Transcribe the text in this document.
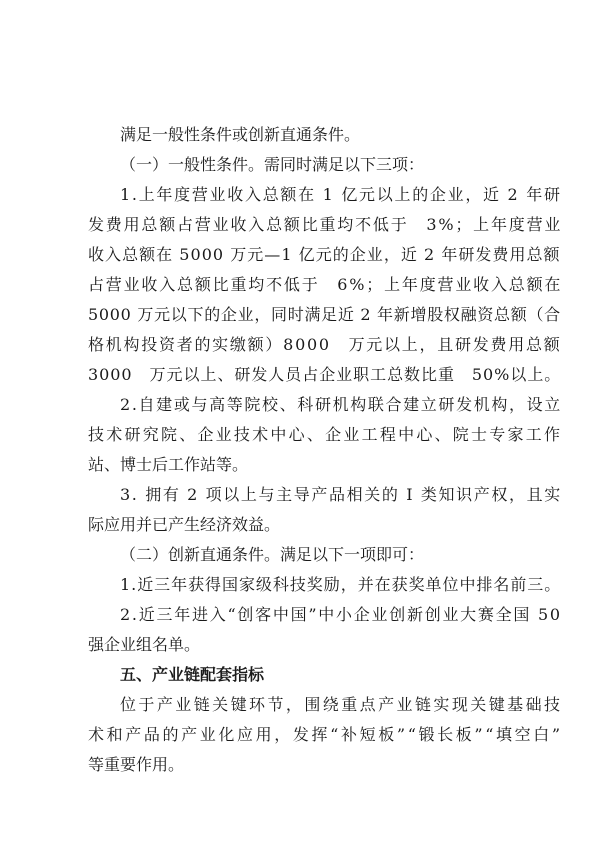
满足一般性条件或创新直通条件。
（一）一般性条件。需同时满足以下三项：
1.上年度营业收入总额在 1 亿元以上的企业，近 2 年研
发费用总额占营业收入总额比重均不低于　3%；上年度营业
收入总额在 5000 万元—1 亿元的企业，近 2 年研发费用总额
占营业收入总额比重均不低于　6%；上年度营业收入总额在
5000 万元以下的企业，同时满足近 2 年新增股权融资总额（合
格机构投资者的实缴额）8000　万元以上，且研发费用总额
3000　万元以上、研发人员占企业职工总数比重　50%以上。
2.自建或与高等院校、科研机构联合建立研发机构，设立
技术研究院、企业技术中心、企业工程中心、院士专家工作
站、博士后工作站等。
3. 拥有 2 项以上与主导产品相关的 Ⅰ 类知识产权，且实
际应用并已产生经济效益。
（二）创新直通条件。满足以下一项即可：
1.近三年获得国家级科技奖励，并在获奖单位中排名前三。
2.近三年进入“创客中国”中小企业创新创业大赛全国 50
强企业组名单。
五、产业链配套指标
位于产业链关键环节，围绕重点产业链实现关键基础技
术和产品的产业化应用，发挥“补短板”“锻长板”“填空白”
等重要作用。
